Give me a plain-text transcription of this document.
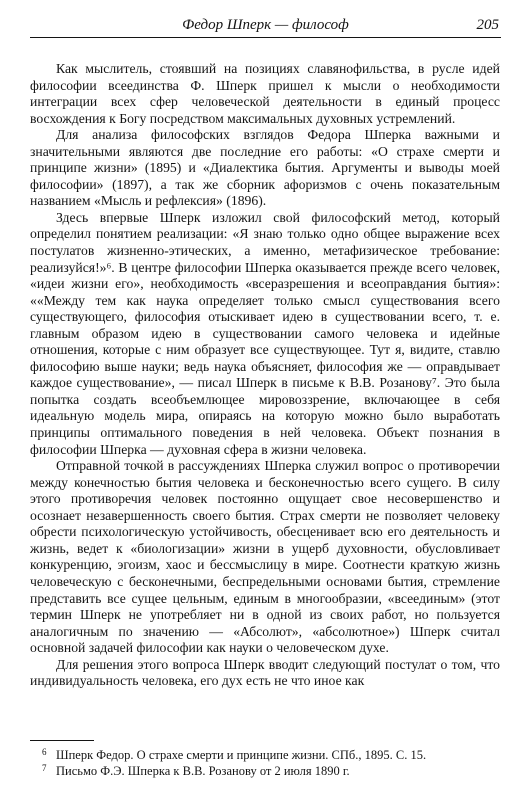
Федор Шперк — философ	205

Как мыслитель, стоявший на позициях славянофильства, в русле идей философии всеединства Ф. Шперк пришел к мысли о необходимости интеграции всех сфер человеческой деятельности в единый процесс восхождения к Богу посредством максимальных духовных устремлений.

Для анализа философских взглядов Федора Шперка важными и значительными являются две последние его работы: «О страхе смерти и принципе жизни» (1895) и «Диалектика бытия. Аргументы и выводы моей философии» (1897), а так же сборник афоризмов с очень показательным названием «Мысль и рефлексия» (1896).

Здесь впервые Шперк изложил свой философский метод, который определил понятием реализации: «Я знаю только одно общее выражение всех постулатов жизненно-этических, а именно, метафизическое требование: реализуйся!»⁶. В центре философии Шперка оказывается прежде всего человек, «идеи жизни его», необходимость «всеразрешения и всеоправдания бытия»: ««Между тем как наука определяет только смысл существования всего существующего, философия отыскивает идею в существовании всего, т. е. главным образом идею в существовании самого человека и идейные отношения, которые с ним образует все существующее. Тут я, видите, ставлю философию выше науки; ведь наука объясняет, философия же — оправдывает каждое существование», — писал Шперк в письме к В.В. Розанову⁷. Это была попытка создать всеобъемлющее мировоззрение, включающее в себя идеальную модель мира, опираясь на которую можно было выработать принципы оптимального поведения в ней человека. Объект познания в философии Шперка — духовная сфера в жизни человека.

Отправной точкой в рассуждениях Шперка служил вопрос о противоречии между конечностью бытия человека и бесконечностью всего сущего. В силу этого противоречия человек постоянно ощущает свое несовершенство и осознает незавершенность своего бытия. Страх смерти не позволяет человеку обрести психологическую устойчивость, обесценивает всю его деятельность и жизнь, ведет к «биологизации» жизни в ущерб духовности, обусловливает конкуренцию, эгоизм, хаос и бессмыслицу в мире. Соотнести краткую жизнь человеческую с бесконечными, беспредельными основами бытия, стремление представить все сущее цельным, единым в многообразии, «всеединым» (этот термин Шперк не употребляет ни в одной из своих работ, но пользуется аналогичным по значению — «Абсолют», «абсолютное») Шперк считал основной задачей философии как науки о человеческом духе.

Для решения этого вопроса Шперк вводит следующий постулат о том, что индивидуальность человека, его дух есть не что иное как

6 Шперк Федор. О страхе смерти и принципе жизни. СПб., 1895. С. 15.

7 Письмо Ф.Э. Шперка к В.В. Розанову от 2 июля 1890 г.
